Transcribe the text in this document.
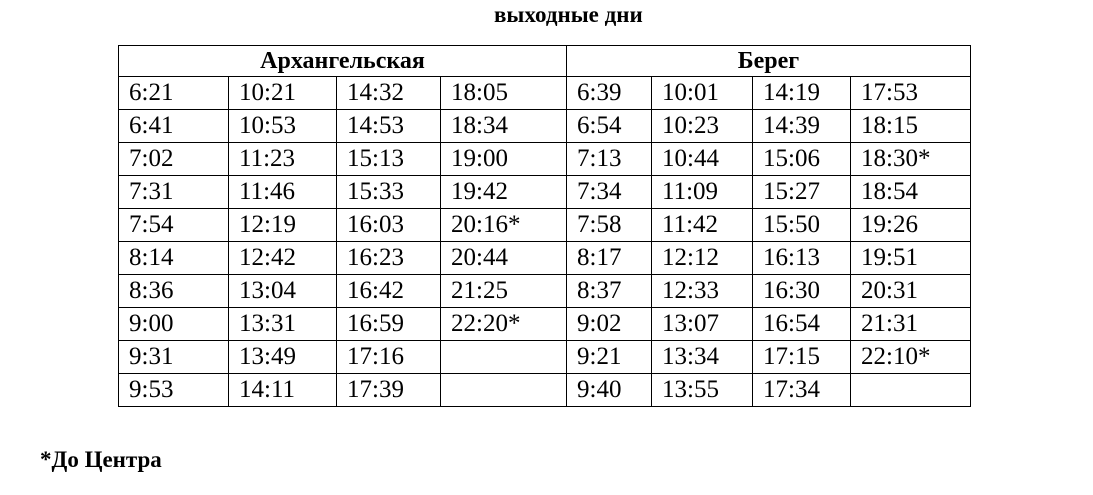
выходные дни
Архангельская				Берег			
6:21	10:21	14:32	18:05	6:39	10:01	14:19	17:53
6:41	10:53	14:53	18:34	6:54	10:23	14:39	18:15
7:02	11:23	15:13	19:00	7:13	10:44	15:06	18:30*
7:31	11:46	15:33	19:42	7:34	11:09	15:27	18:54
7:54	12:19	16:03	20:16*	7:58	11:42	15:50	19:26
8:14	12:42	16:23	20:44	8:17	12:12	16:13	19:51
8:36	13:04	16:42	21:25	8:37	12:33	16:30	20:31
9:00	13:31	16:59	22:20*	9:02	13:07	16:54	21:31
9:31	13:49	17:16		9:21	13:34	17:15	22:10*
9:53	14:11	17:39		9:40	13:55	17:34	
*До Центра
